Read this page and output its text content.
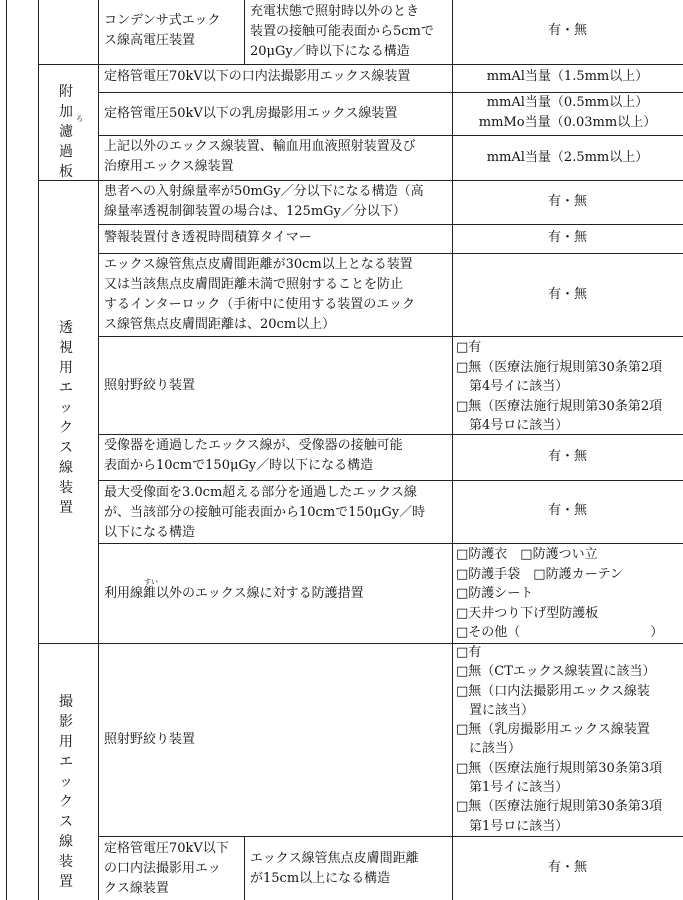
コンデンサ式エック
ス線高電圧装置
充電状態で照射時以外のとき
装置の接触可能表面から5cmで
20μGy／時以下になる構造
有・無
附
加
濾
過
板
ろ
定格管電圧70kV以下の口内法撮影用エックス線装置	mmAl当量（1.5mm以上）
定格管電圧50kV以下の乳房撮影用エックス線装置
mmAl当量（0.5mm以上）
mmMo当量（0.03mm以上）
上記以外のエックス線装置、輸血用血液照射装置及び
治療用エックス線装置
mmAl当量（2.5mm以上）
透
視
用
エ
ッ
ク
ス
線
装
置
患者への入射線量率が50mGy／分以下になる構造（高
線量率透視制御装置の場合は、125mGy／分以下）
有・無
警報装置付き透視時間積算タイマー	有・無
エックス線管焦点皮膚間距離が30cm以上となる装置
又は当該焦点皮膚間距離未満で照射することを防止
するインターロック（手術中に使用する装置のエック
ス線管焦点皮膚間距離は、20cm以上）
有・無
照射野絞り装置
□有
□無（医療法施行規則第30条第2項
　第4号イに該当）
□無（医療法施行規則第30条第2項
　第4号ロに該当）
受像器を通過したエックス線が、受像器の接触可能
表面から10cmで150μGy／時以下になる構造
有・無
最大受像面を3.0cm超える部分を通過したエックス線
が、当該部分の接触可能表面から10cmで150μGy／時
以下になる構造
有・無
利用線錐
すい
以外のエックス線に対する防護措置
□防護衣　□防護つい立
□防護手袋　□防護カーテン
□防護シート
□天井つり下げ型防護板
□その他（　　　　　　　　　　）
撮
影
用
エ
ッ
ク
ス
線
装
置
照射野絞り装置
□有
□無（CTエックス線装置に該当）
□無（口内法撮影用エックス線装
　置に該当）
□無（乳房撮影用エックス線装置
　に該当）
□無（医療法施行規則第30条第3項
　第1号イに該当）
□無（医療法施行規則第30条第3項
　第1号ロに該当）
定格管電圧70kV以下
の口内法撮影用エッ
クス線装置
エックス線管焦点皮膚間距離
が15cm以上になる構造
有・無
